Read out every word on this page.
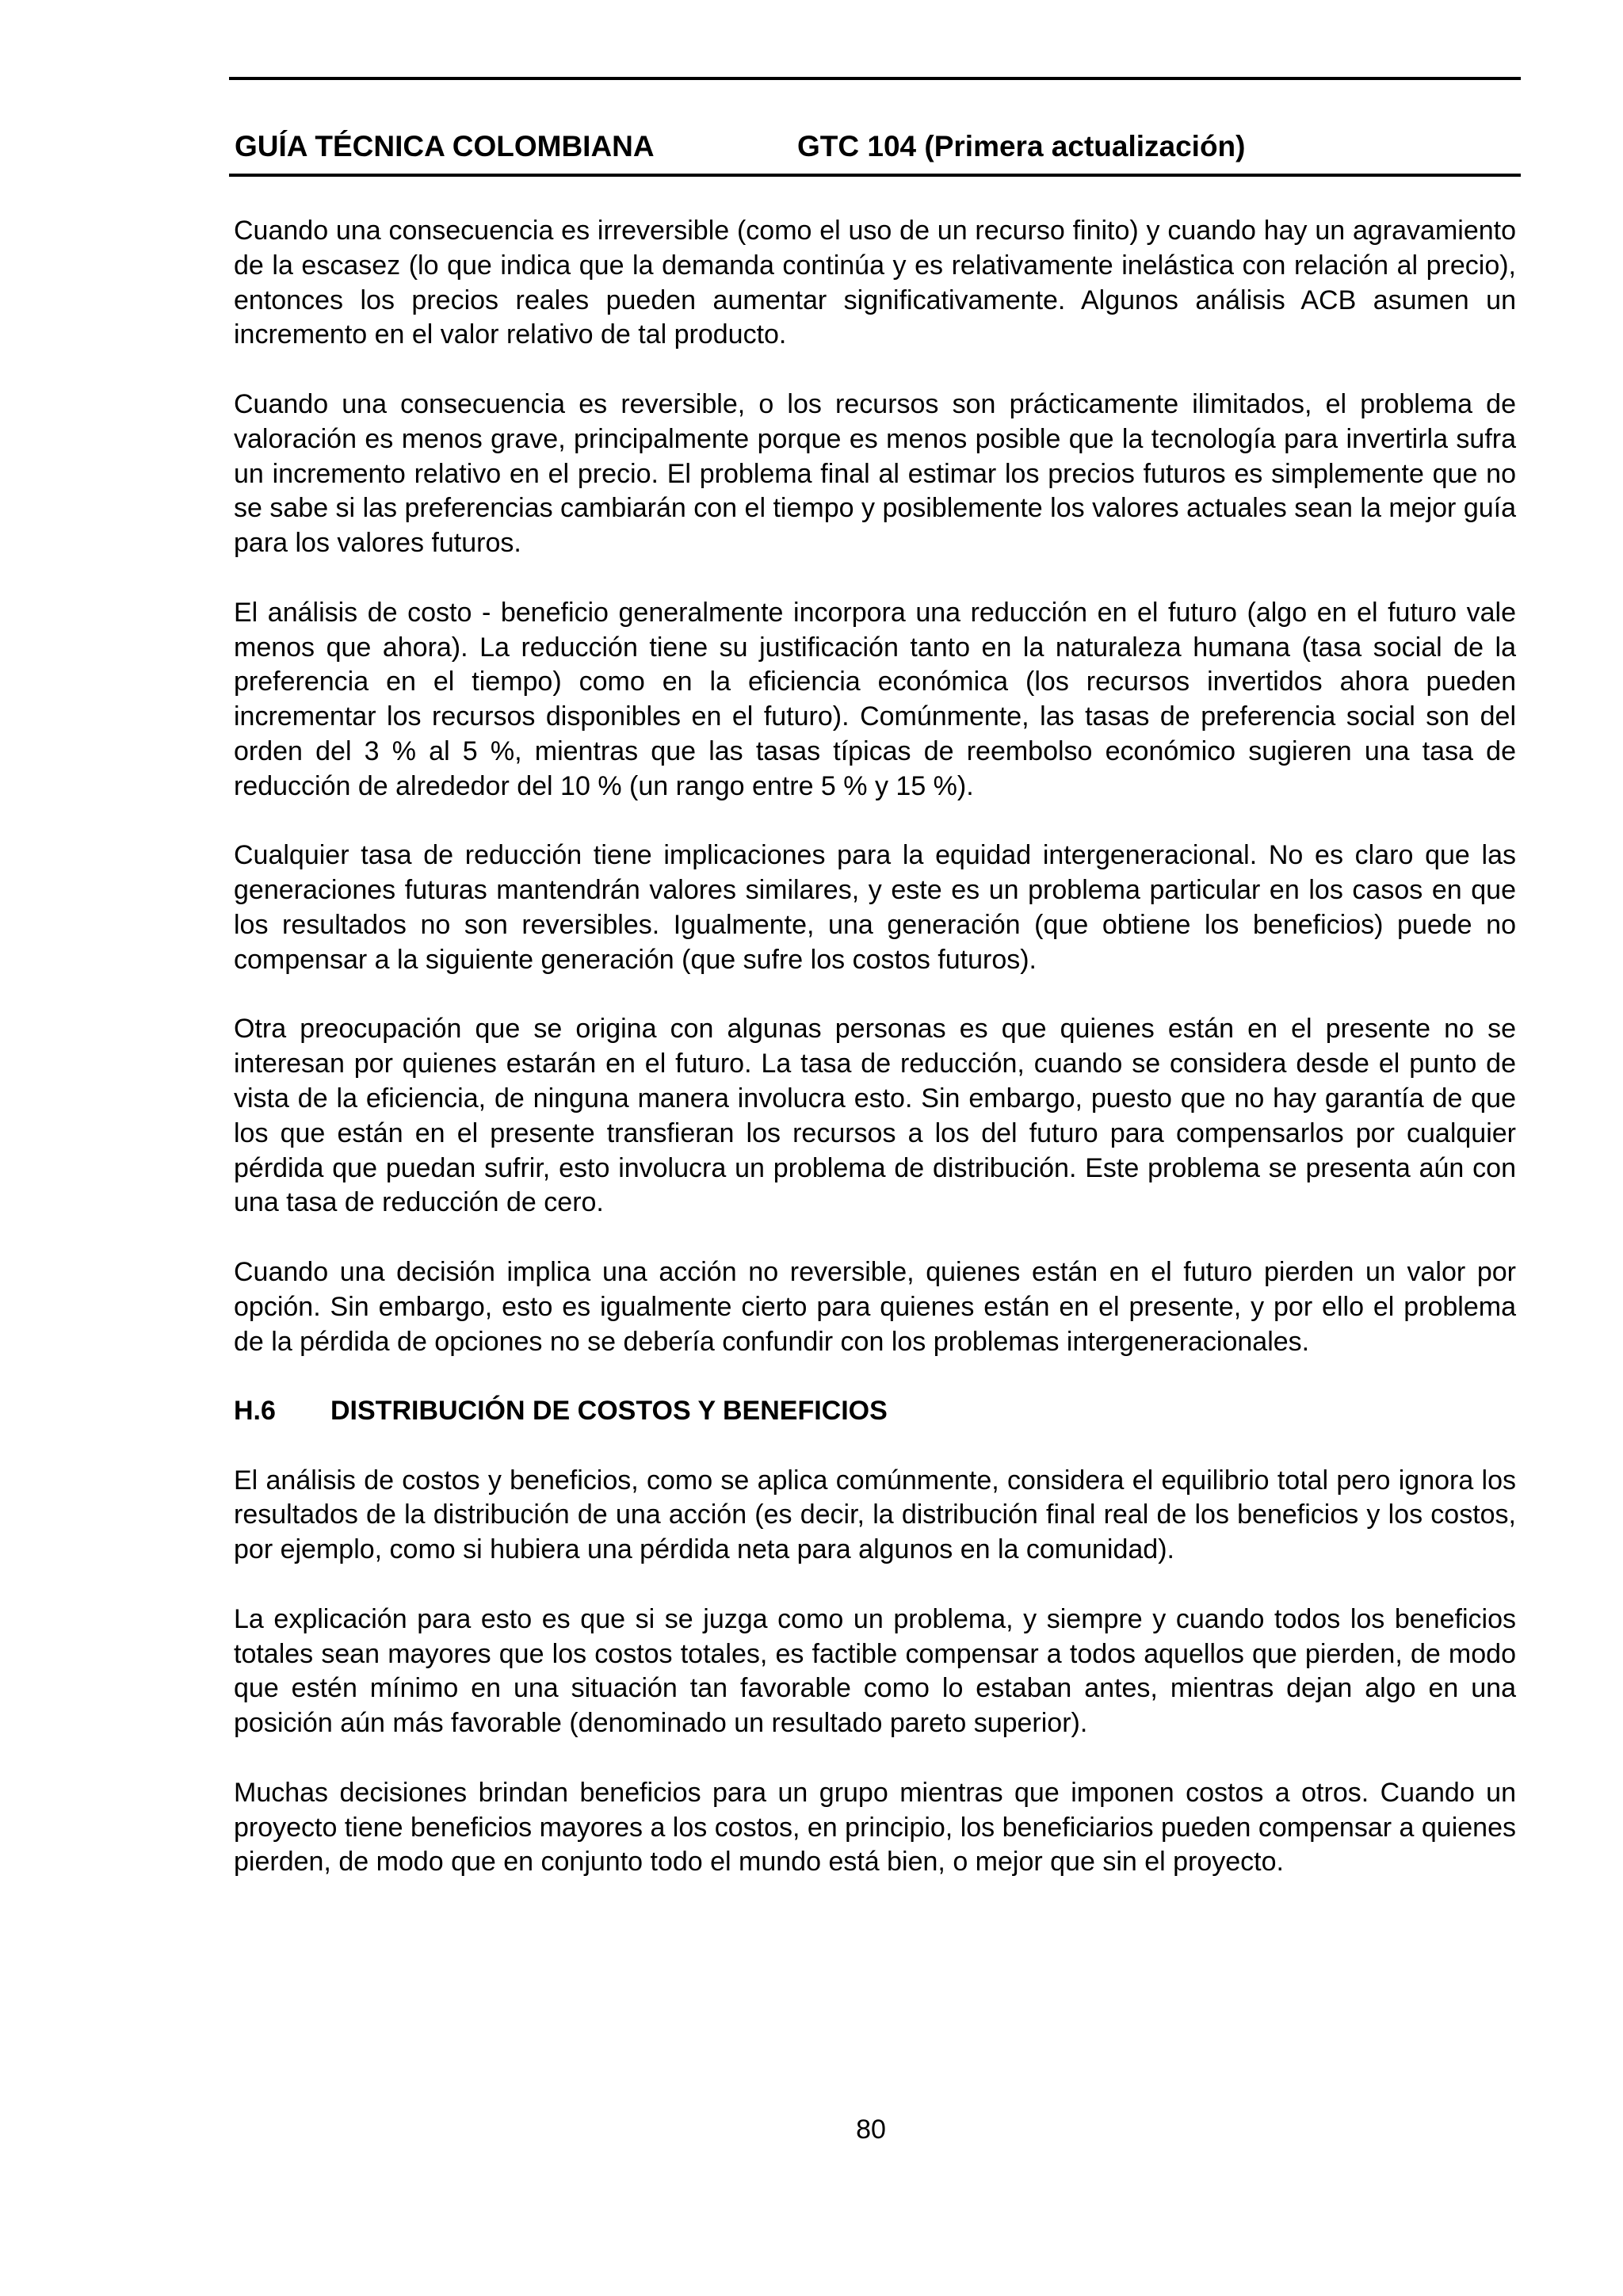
GUÍA TÉCNICA COLOMBIANA	GTC 104 (Primera actualización)

Cuando una consecuencia es irreversible (como el uso de un recurso finito) y cuando hay un agravamiento de la escasez (lo que indica que la demanda continúa y es relativamente inelástica con relación al precio), entonces los precios reales pueden aumentar significativamente. Algunos análisis ACB asumen un incremento en el valor relativo de tal producto.

Cuando una consecuencia es reversible, o los recursos son prácticamente ilimitados, el problema de valoración es menos grave, principalmente porque es menos posible que la tecnología para invertirla sufra un incremento relativo en el precio. El problema final al estimar los precios futuros es simplemente que no se sabe si las preferencias cambiarán con el tiempo y posiblemente los valores actuales sean la mejor guía para los valores futuros.

El análisis de costo - beneficio generalmente incorpora una reducción en el futuro (algo en el futuro vale menos que ahora). La reducción tiene su justificación tanto en la naturaleza humana (tasa social de la preferencia en el tiempo) como en la eficiencia económica (los recursos invertidos ahora pueden incrementar los recursos disponibles en el futuro). Comúnmente, las tasas de preferencia social son del orden del 3 % al 5 %, mientras que las tasas típicas de reembolso económico sugieren una tasa de reducción de alrededor del 10 % (un rango entre 5 % y 15 %).

Cualquier tasa de reducción tiene implicaciones para la equidad intergeneracional. No es claro que las generaciones futuras mantendrán valores similares, y este es un problema particular en los casos en que los resultados no son reversibles. Igualmente, una generación (que obtiene los beneficios) puede no compensar a la siguiente generación (que sufre los costos futuros).

Otra preocupación que se origina con algunas personas es que quienes están en el presente no se interesan por quienes estarán en el futuro. La tasa de reducción, cuando se considera desde el punto de vista de la eficiencia, de ninguna manera involucra esto. Sin embargo, puesto que no hay garantía de que los que están en el presente transfieran los recursos a los del futuro para compensarlos por cualquier pérdida que puedan sufrir, esto involucra un problema de distribución. Este problema se presenta aún con una tasa de reducción de cero.

Cuando una decisión implica una acción no reversible, quienes están en el futuro pierden un valor por opción. Sin embargo, esto es igualmente cierto para quienes están en el presente, y por ello el problema de la pérdida de opciones no se debería confundir con los problemas intergeneracionales.

H.6 DISTRIBUCIÓN DE COSTOS Y BENEFICIOS

El análisis de costos y beneficios, como se aplica comúnmente, considera el equilibrio total pero ignora los resultados de la distribución de una acción (es decir, la distribución final real de los beneficios y los costos, por ejemplo, como si hubiera una pérdida neta para algunos en la comunidad).

La explicación para esto es que si se juzga como un problema, y siempre y cuando todos los beneficios totales sean mayores que los costos totales, es factible compensar a todos aquellos que pierden, de modo que estén mínimo en una situación tan favorable como lo estaban antes, mientras dejan algo en una posición aún más favorable (denominado un resultado pareto superior).

Muchas decisiones brindan beneficios para un grupo mientras que imponen costos a otros. Cuando un proyecto tiene beneficios mayores a los costos, en principio, los beneficiarios pueden compensar a quienes pierden, de modo que en conjunto todo el mundo está bien, o mejor que sin el proyecto.

80
